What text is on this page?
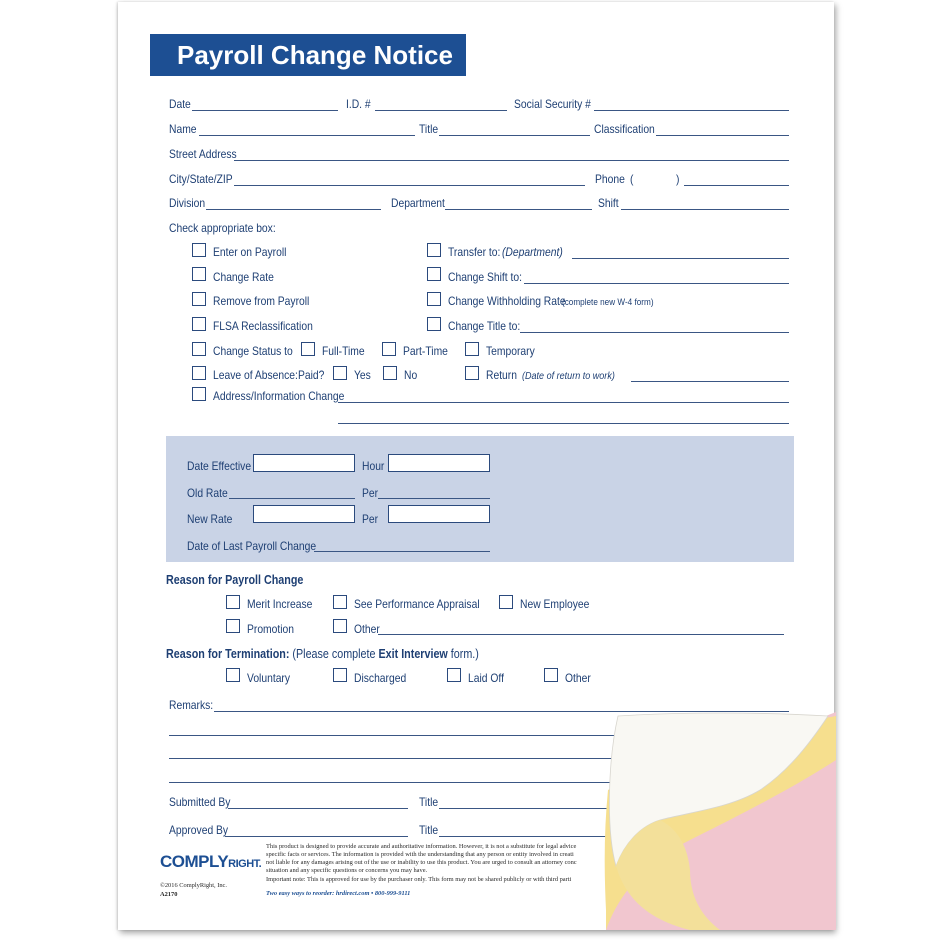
Payroll Change Notice
Date	I.D. #	Social Security #
Name	Title	Classification
Street Address
City/State/ZIP	Phone (	)
Division	Department	Shift
Check appropriate box:
Enter on Payroll
Change Rate
Remove from Payroll
FLSA Reclassification
Transfer to: (Department)
Change Shift to:
Change Withholding Rate
(complete new W-4 form)
Change Title to:
Change Status to Full-Time	Part-Time	Temporary
Leave of Absence: Paid? Yes	No	Return (Date of return to work)
Address/Information Change
Date Effective	Hour
Old Rate	Per
New Rate	Per
Date of Last Payroll Change
Reason for Payroll Change
Merit Increase	See Performance Appraisal	New Employee
Promotion	Other
Reason for Termination: (Please complete Exit Interview form.)
Voluntary	Discharged	Laid Off	Other
Remarks:
Submitted By	Title
Approved By	Title
COMPLYRIGHT.
©2016 ComplyRight, Inc.
A2170
This product is designed to provide accurate and authoritative information. However, it is not a substitute for legal advice
specific facts or services. The information is provided with the understanding that any person or entity involved in creati
not liable for any damages arising out of the use or inability to use this product. You are urged to consult an attorney conc
situation and any specific questions or concerns you may have.
Important note: This is approved for use by the purchaser only. This form may not be shared publicly or with third parti
Two easy ways to reorder: hrdirect.com • 800-999-9111
